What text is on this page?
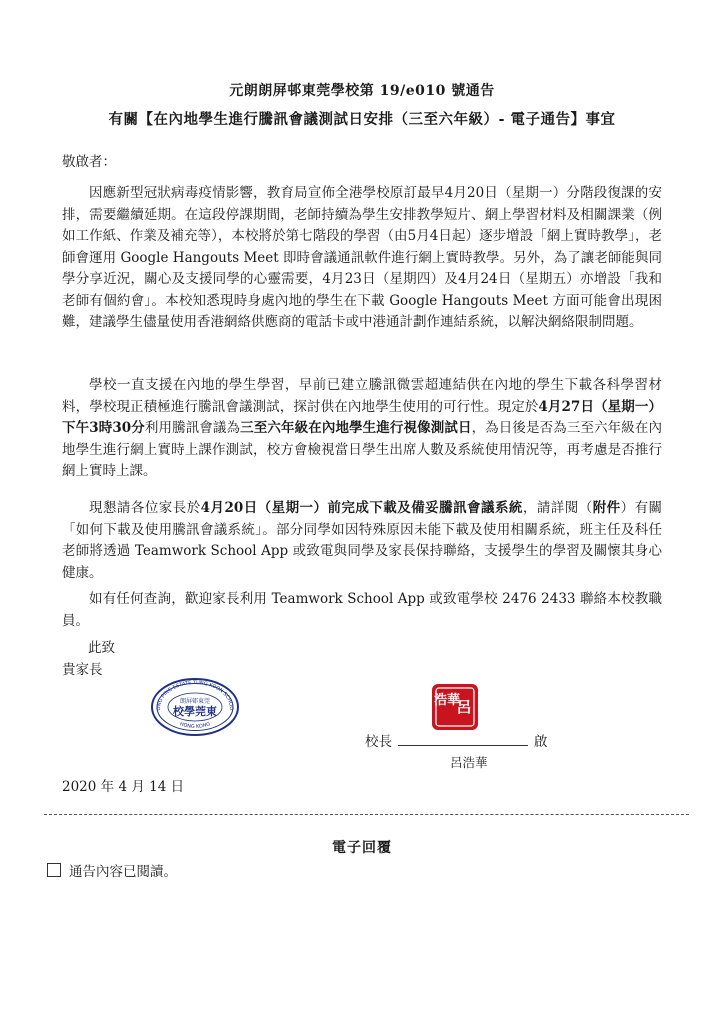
元朗朗屏邨東莞學校第 19/e010 號通告
有關【在內地學生進行騰訊會議測試日安排（三至六年級）- 電子通告】事宜
敬啟者：

因應新型冠狀病毒疫情影響，教育局宣佈全港學校原訂最早4月20日（星期一）分階段復課的安排，需要繼續延期。在這段停課期間，老師持續為學生安排教學短片、網上學習材料及相關課業（例如工作紙、作業及補充等），本校將於第七階段的學習（由5月4日起）逐步增設「網上實時教學」，老師會運用 Google Hangouts Meet 即時會議通訊軟件進行網上實時教學。另外，為了讓老師能與同學分享近況，關心及支援同學的心靈需要，4月23日（星期四）及4月24日（星期五）亦增設「我和老師有個約會」。本校知悉現時身處內地的學生在下載 Google Hangouts Meet 方面可能會出現困難，建議學生儘量使用香港網絡供應商的電話卡或中港通計劃作連結系統，以解決網絡限制問題。

學校一直支援在內地的學生學習，早前已建立騰訊微雲超連結供在內地的學生下載各科學習材料，學校現正積極進行騰訊會議測試，探討供在內地學生使用的可行性。現定於4月27日（星期一）下午3時30分利用騰訊會議為三至六年級在內地學生進行視像測試日，為日後是否為三至六年級在內地學生進行網上實時上課作測試，校方會檢視當日學生出席人數及系統使用情況等，再考慮是否推行網上實時上課。

現懇請各位家長於4月20日（星期一）前完成下載及備妥騰訊會議系統，請詳閱（附件）有關「如何下載及使用騰訊會議系統」。部分同學如因特殊原因未能下載及使用相關系統，班主任及科任老師將透過 Teamwork School App 或致電與同學及家長保持聯絡，支援學生的學習及關懷其身心健康。

如有任何查詢，歡迎家長利用 Teamwork School App 或致電學校 2476 2433 聯絡本校教職員。

此致
貴家長
ONG PING ESTATE TUNG KOON SCHOO
HONG KONG
朗屏邨東莞
校學莞東
浩華
呂
校長	啟
呂浩華
2020 年 4 月 14 日
電子回覆
通告內容已閱讀。
